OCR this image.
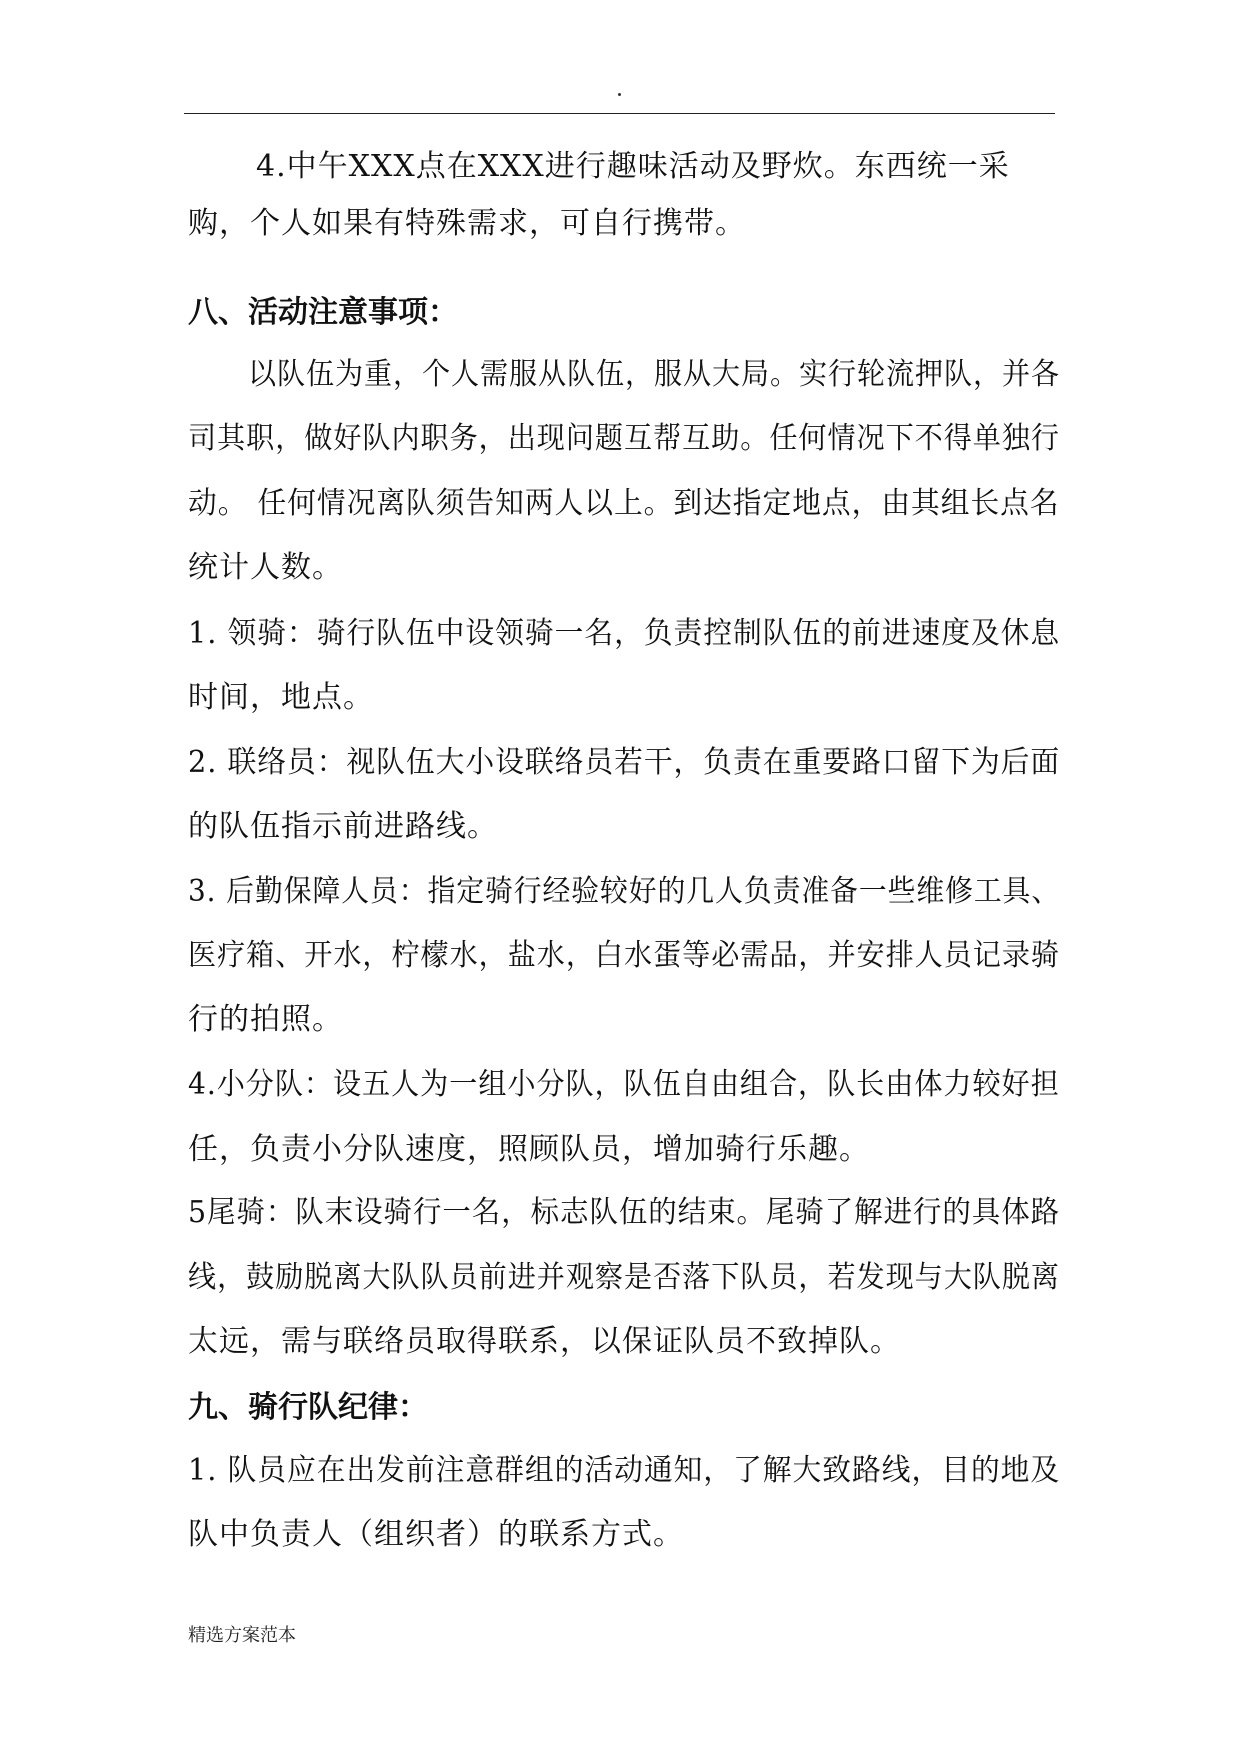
4.中午XXX点在XXX进行趣味活动及野炊。东西统一采
购，个人如果有特殊需求，可自行携带。
八、活动注意事项：
以队伍为重，个人需服从队伍，服从大局。实行轮流押队，并各
司其职，做好队内职务，出现问题互帮互助。任何情况下不得单独行
动。 任何情况离队须告知两人以上。到达指定地点，由其组长点名
统计人数。
1. 领骑：骑行队伍中设领骑一名，负责控制队伍的前进速度及休息
时间，地点。
2. 联络员：视队伍大小设联络员若干，负责在重要路口留下为后面
的队伍指示前进路线。
3. 后勤保障人员：指定骑行经验较好的几人负责准备一些维修工具、
医疗箱、开水，柠檬水，盐水，白水蛋等必需品，并安排人员记录骑
行的拍照。
4.小分队：设五人为一组小分队，队伍自由组合，队长由体力较好担
任，负责小分队速度，照顾队员，增加骑行乐趣。
5尾骑：队末设骑行一名，标志队伍的结束。尾骑了解进行的具体路
线，鼓励脱离大队队员前进并观察是否落下队员，若发现与大队脱离
太远，需与联络员取得联系，以保证队员不致掉队。
九、骑行队纪律：
1. 队员应在出发前注意群组的活动通知，了解大致路线，目的地及
队中负责人（组织者）的联系方式。
精选方案范本
